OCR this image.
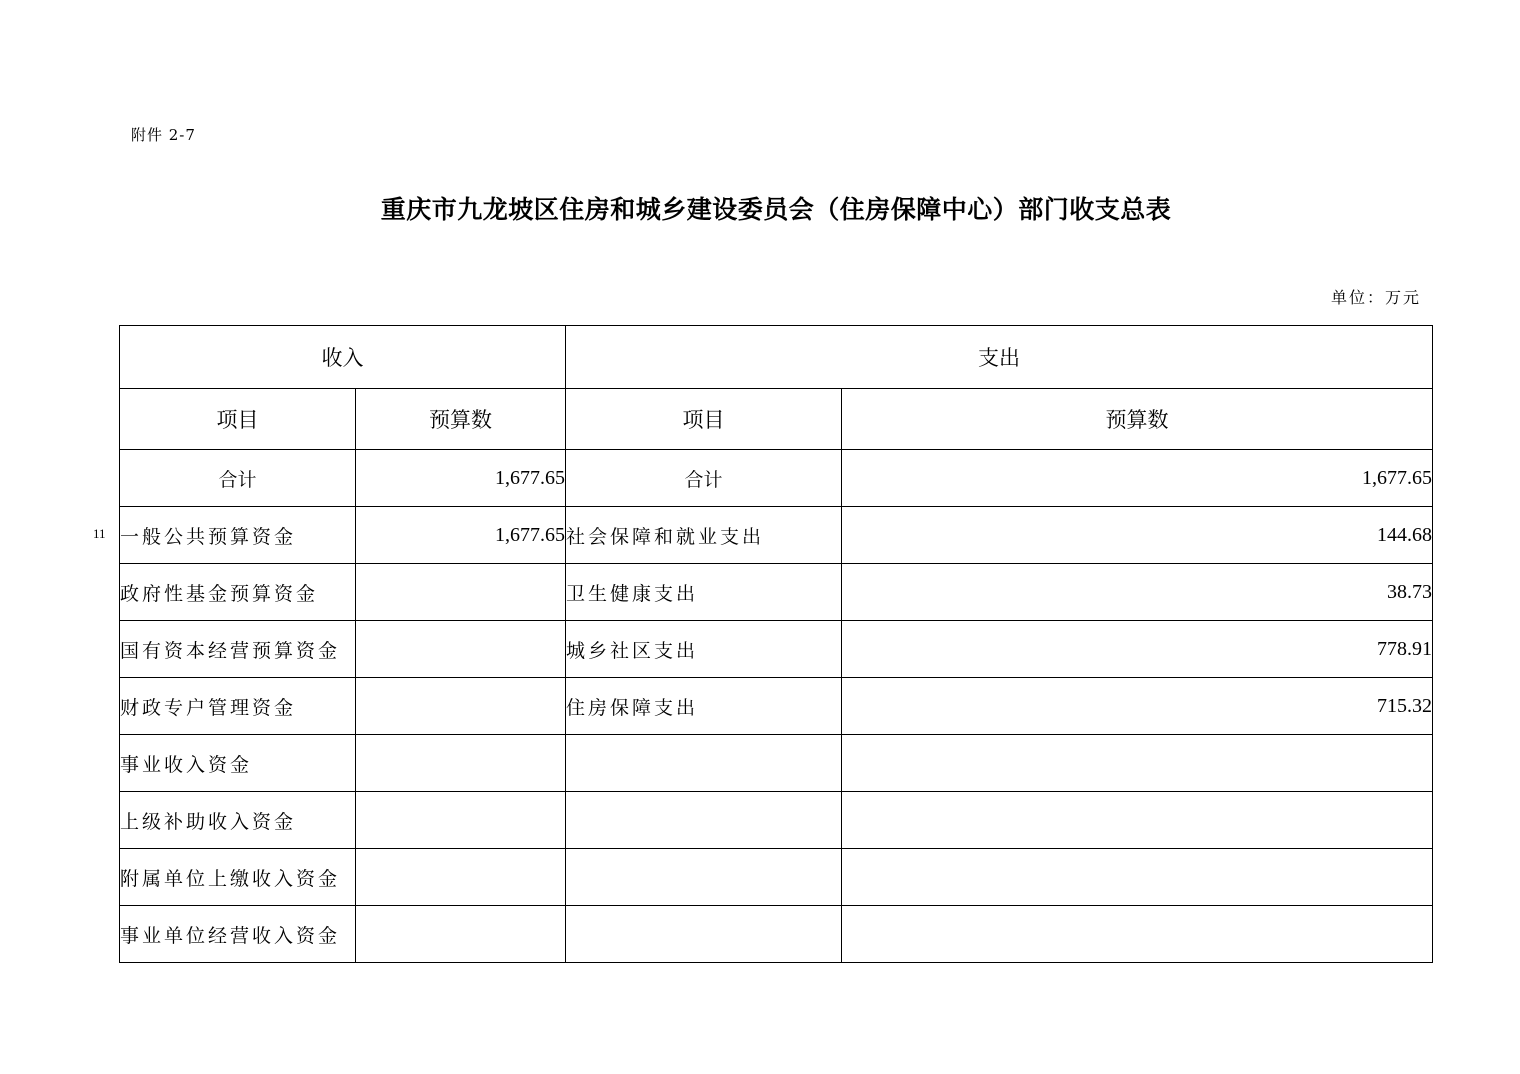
附件 2-7
重庆市九龙坡区住房和城乡建设委员会（住房保障中心）部门收支总表
单位：万元
11
收入		支出	
项目	预算数	项目	预算数
合计	1,677.65	合计	1,677.65
一般公共预算资金	1,677.65	社会保障和就业支出	144.68
政府性基金预算资金		卫生健康支出	38.73
国有资本经营预算资金		城乡社区支出	778.91
财政专户管理资金		住房保障支出	715.32
事业收入资金			
上级补助收入资金			
附属单位上缴收入资金			
事业单位经营收入资金			
